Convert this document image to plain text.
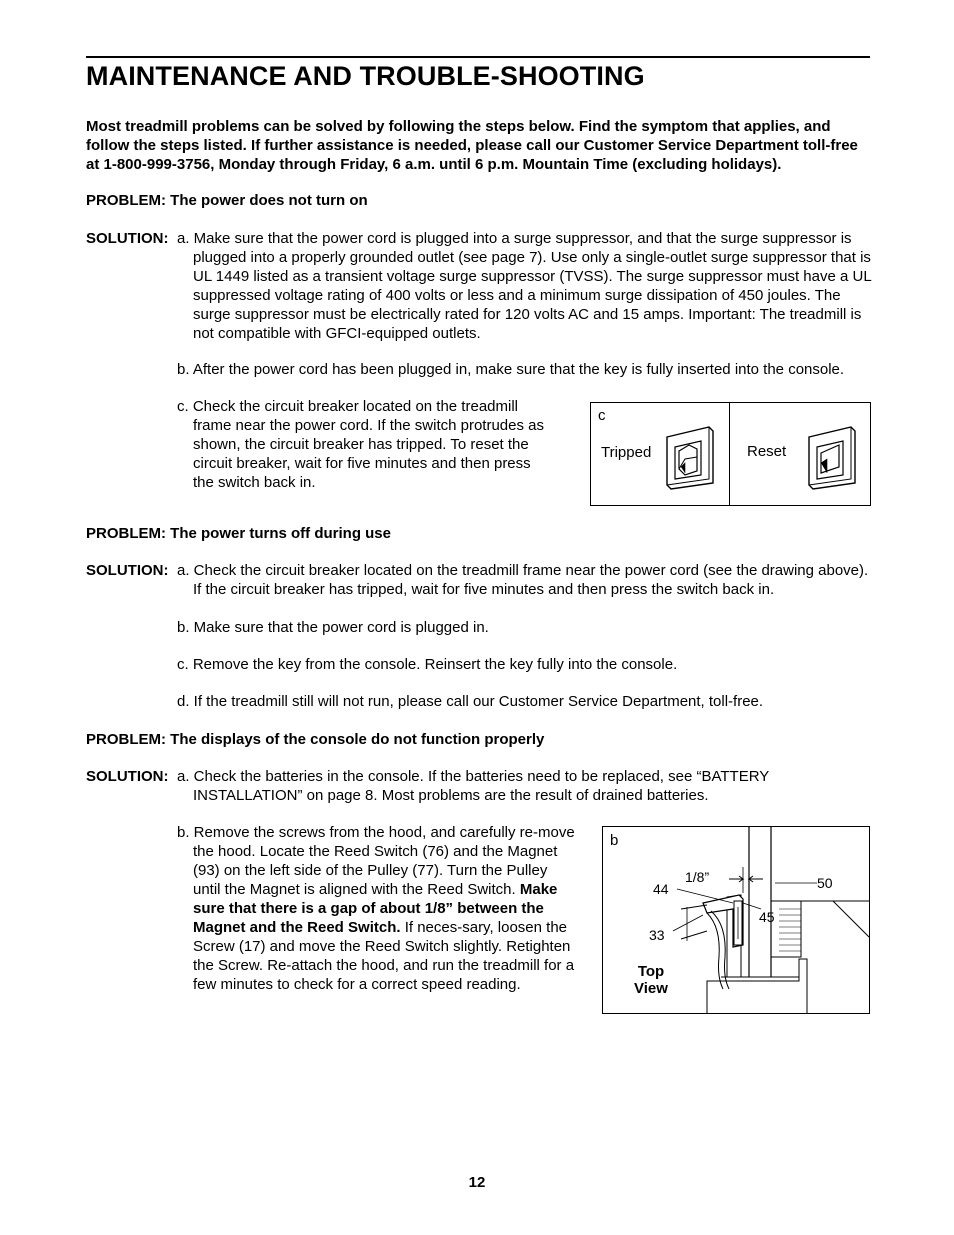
MAINTENANCE AND TROUBLE-SHOOTING
Most treadmill problems can be solved by following the steps below. Find the symptom that applies, and follow the steps listed. If further assistance is needed, please call our Customer Service Department toll-free at 1-800-999-3756, Monday through Friday, 6 a.m. until 6 p.m. Mountain Time (excluding holidays).
PROBLEM: The power does not turn on
SOLUTION: a. Make sure that the power cord is plugged into a surge suppressor, and that the surge suppressor is plugged into a properly grounded outlet (see page 7). Use only a single-outlet surge suppressor that is UL 1449 listed as a transient voltage surge suppressor (TVSS). The surge suppressor must have a UL suppressed voltage rating of 400 volts or less and a minimum surge dissipation of 450 joules. The surge suppressor must be electrically rated for 120 volts AC and 15 amps. Important: The treadmill is not compatible with GFCI-equipped outlets.
b. After the power cord has been plugged in, make sure that the key is fully inserted into the console.
c. Check the circuit breaker located on the treadmill frame near the power cord. If the switch protrudes as shown, the circuit breaker has tripped. To reset the circuit breaker, wait for five minutes and then press the switch back in.
c
Tripped	Reset
PROBLEM: The power turns off during use
SOLUTION: a. Check the circuit breaker located on the treadmill frame near the power cord (see the drawing above). If the circuit breaker has tripped, wait for five minutes and then press the switch back in.
b. Make sure that the power cord is plugged in.
c. Remove the key from the console. Reinsert the key fully into the console.
d. If the treadmill still will not run, please call our Customer Service Department, toll-free.
PROBLEM: The displays of the console do not function properly
SOLUTION: a. Check the batteries in the console. If the batteries need to be replaced, see “BATTERY INSTALLATION” on page 8. Most problems are the result of drained batteries.
b. Remove the screws from the hood, and carefully re-move the hood. Locate the Reed Switch (76) and the Magnet (93) on the left side of the Pulley (77). Turn the Pulley until the Magnet is aligned with the Reed Switch. Make sure that there is a gap of about 1/8” between the Magnet and the Reed Switch. If neces-sary, loosen the Screw (17) and move the Reed Switch slightly. Retighten the Screw. Re-attach the hood, and run the treadmill for a few minutes to check for a correct speed reading.
b
1/8”
44
33
45
50
Top
View
12
